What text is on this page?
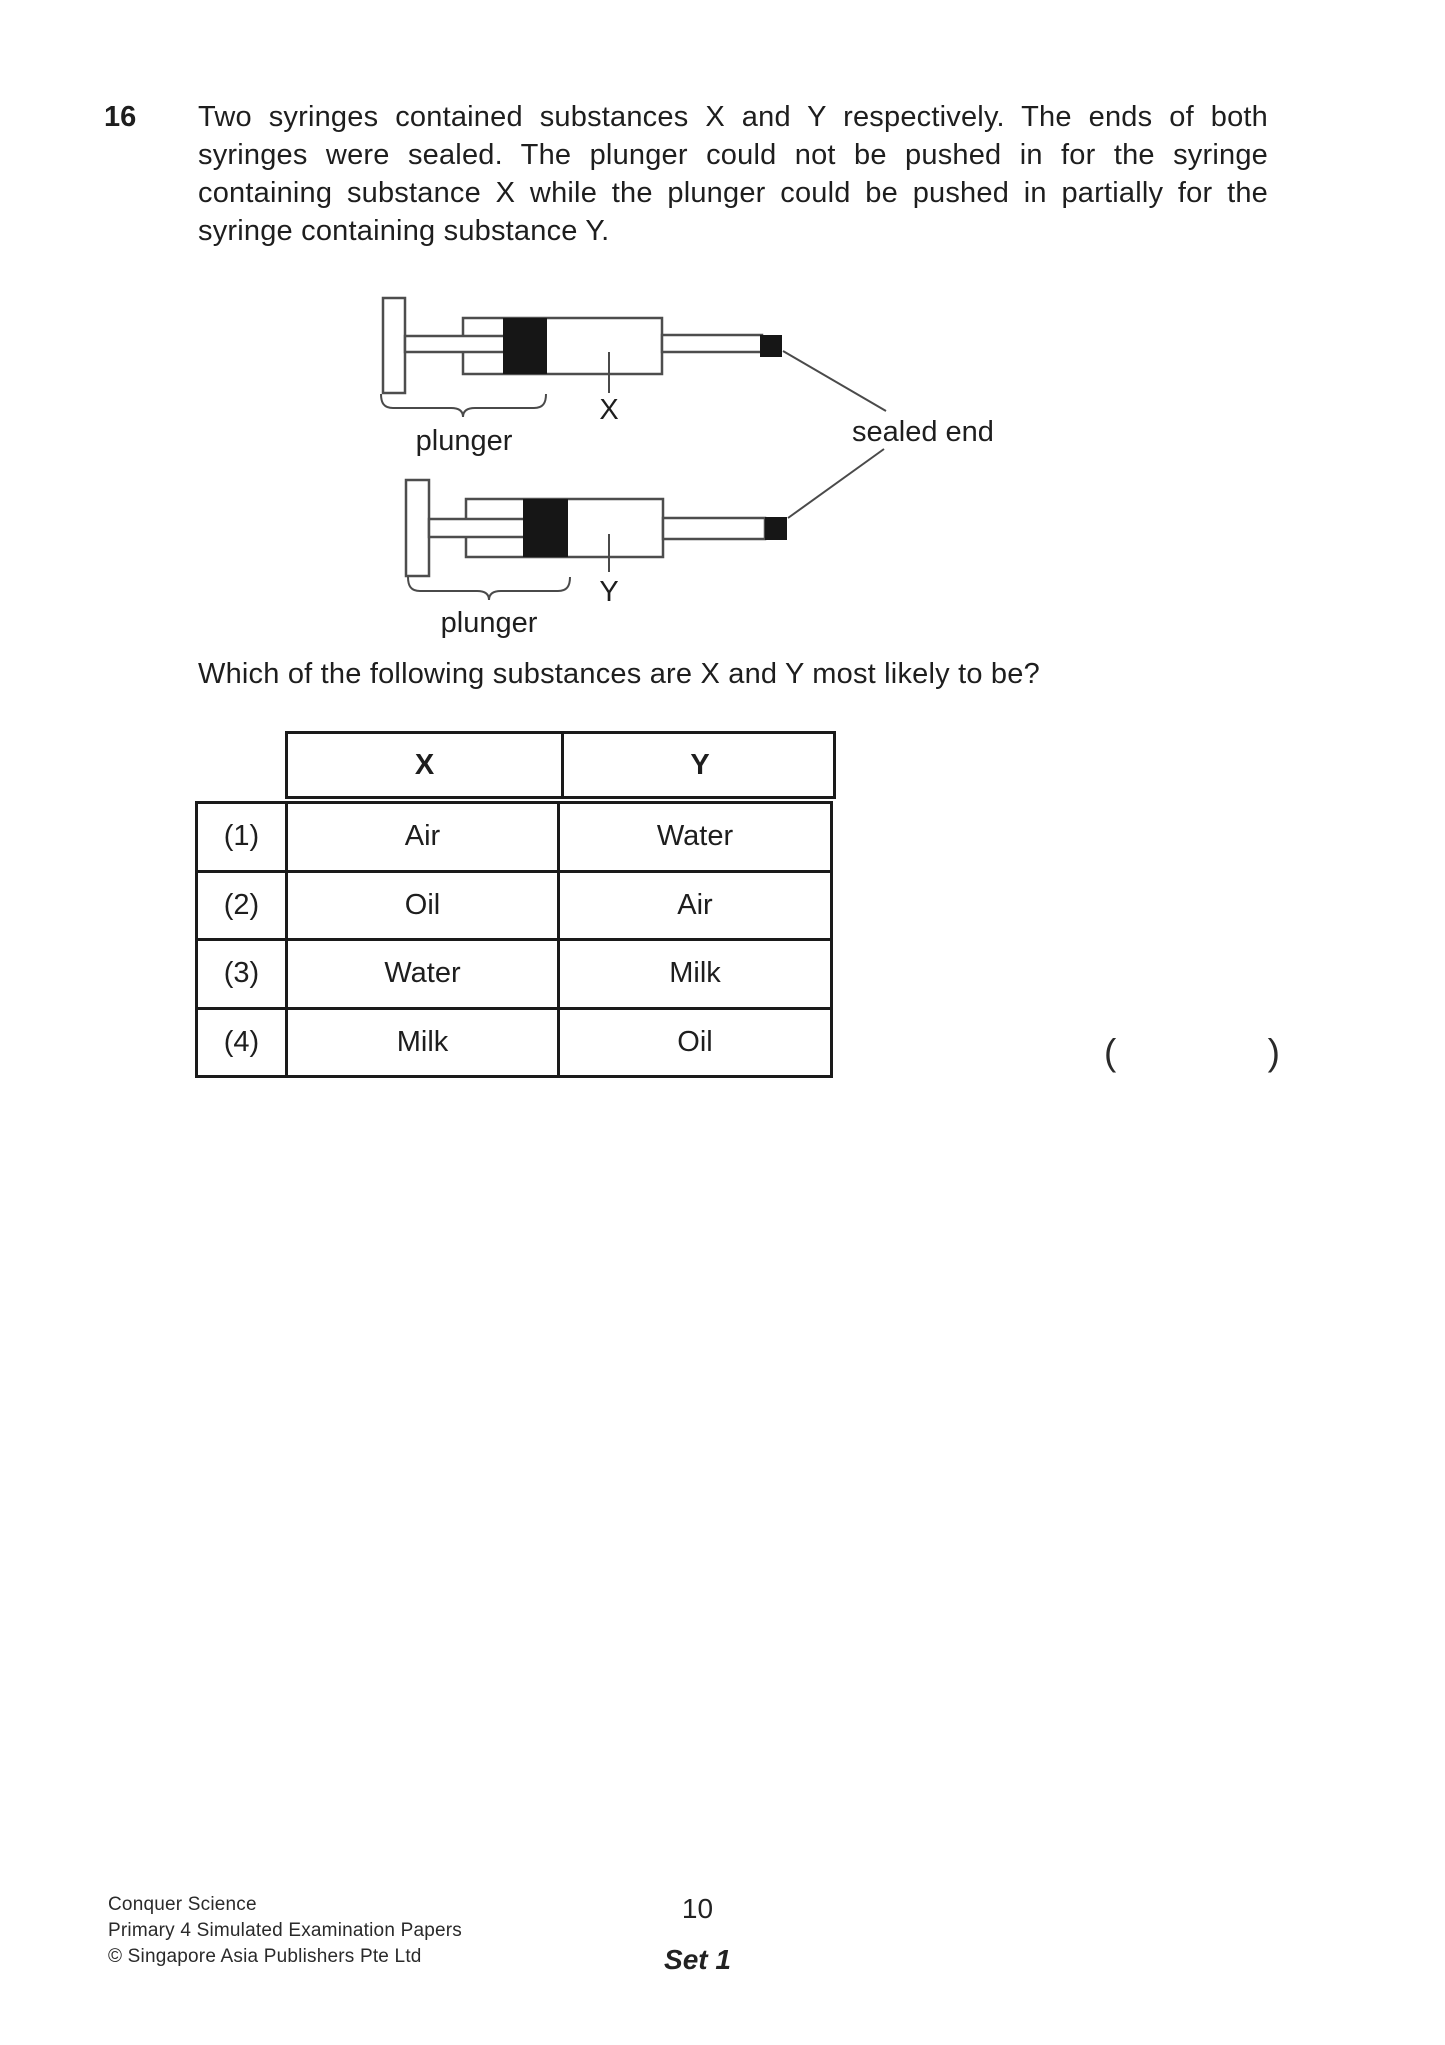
16 Two syringes contained substances X and Y respectively. The ends of both
syringes were sealed. The plunger could not be pushed in for the syringe
containing substance X while the plunger could be pushed in partially for the
syringe containing substance Y.
X
plunger	sealed end
Y
plunger
Which of the following substances are X and Y most likely to be?
X	Y
(1)	Air	Water
(2)	Oil	Air
(3)	Water	Milk
(4)	Milk	Oil	(	)
Conquer Science
Primary 4 Simulated Examination Papers
© Singapore Asia Publishers Pte Ltd
10
Set 1
